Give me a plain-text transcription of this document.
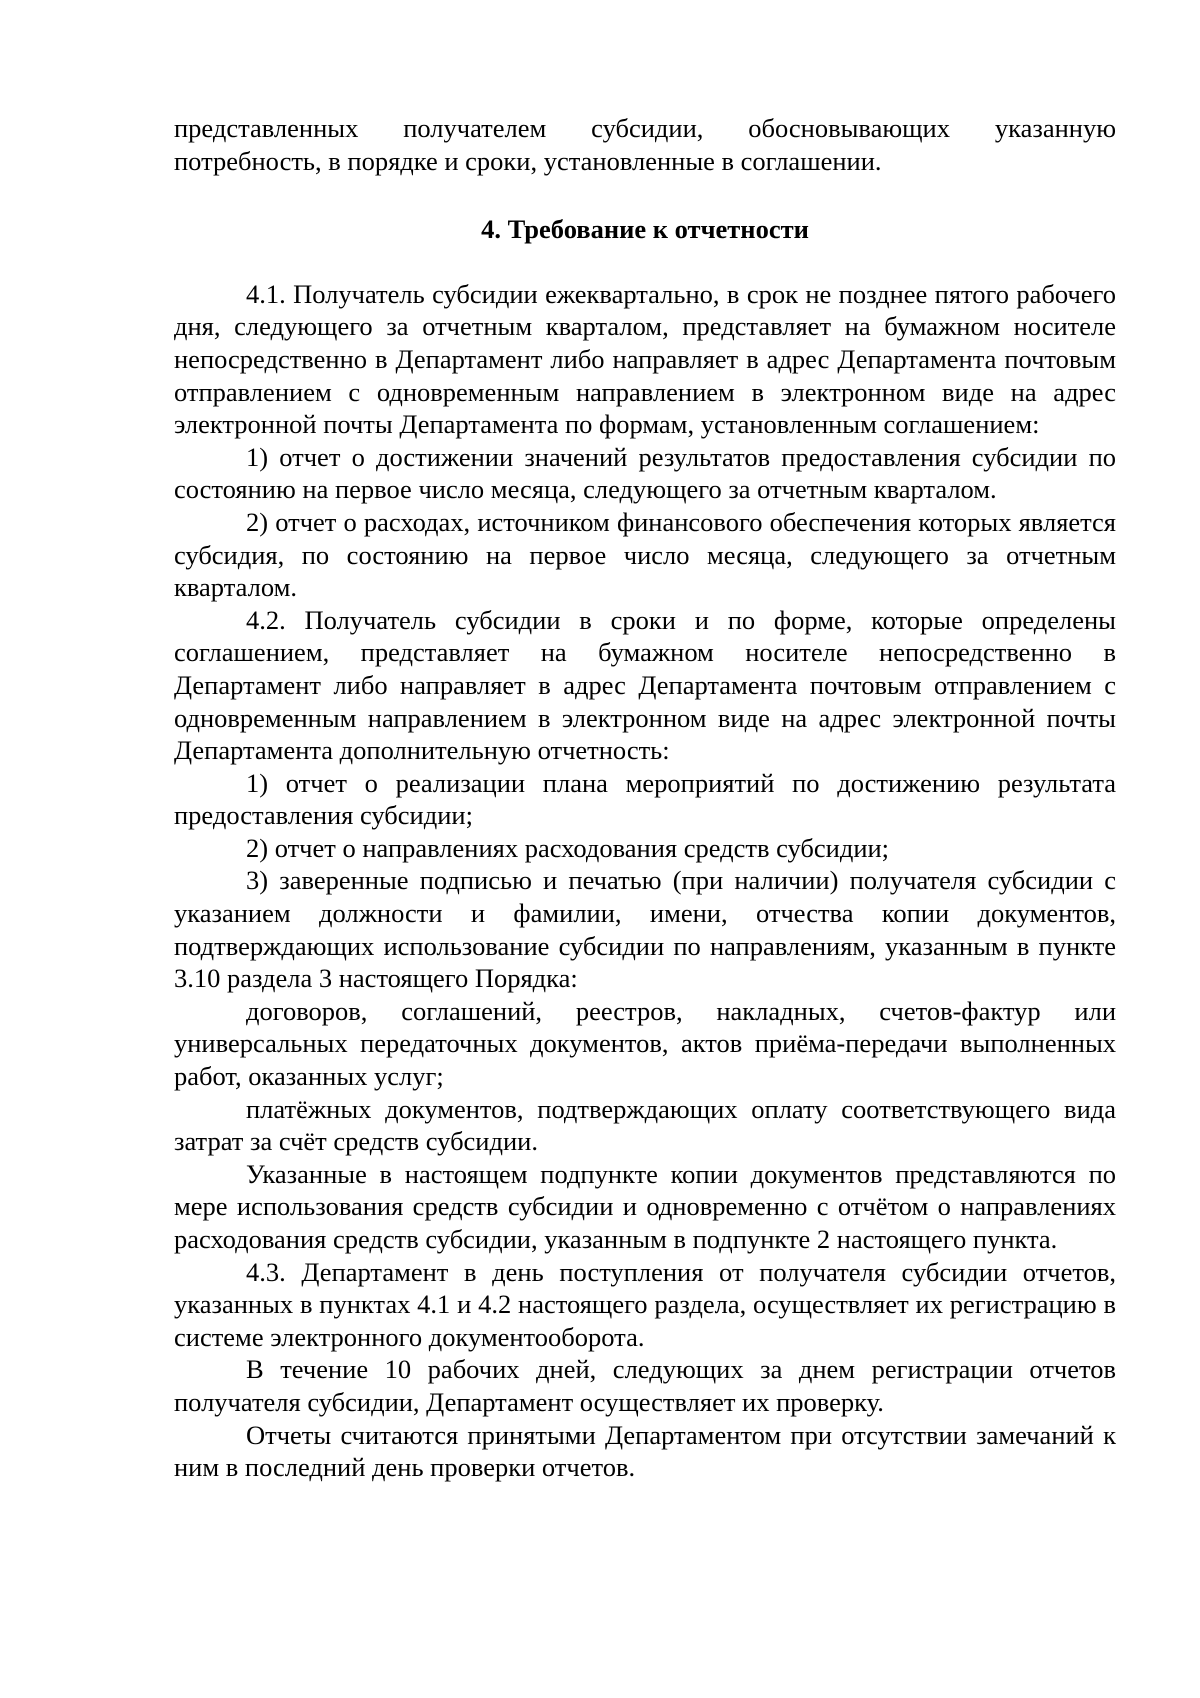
представленных получателем субсидии, обосновывающих указанную потребность, в порядке и сроки, установленные в соглашении.

4. Требование к отчетности

4.1. Получатель субсидии ежеквартально, в срок не позднее пятого рабочего дня, следующего за отчетным кварталом, представляет на бумажном носителе непосредственно в Департамент либо направляет в адрес Департамента почтовым отправлением с одновременным направлением в электронном виде на адрес электронной почты Департамента по формам, установленным соглашением:

1) отчет о достижении значений результатов предоставления субсидии по состоянию на первое число месяца, следующего за отчетным кварталом.

2) отчет о расходах, источником финансового обеспечения которых является субсидия, по состоянию на первое число месяца, следующего за отчетным кварталом.

4.2. Получатель субсидии в сроки и по форме, которые определены соглашением, представляет на бумажном носителе непосредственно в Департамент либо направляет в адрес Департамента почтовым отправлением с одновременным направлением в электронном виде на адрес электронной почты Департамента дополнительную отчетность:

1) отчет о реализации плана мероприятий по достижению результата предоставления субсидии;

2) отчет о направлениях расходования средств субсидии;

3) заверенные подписью и печатью (при наличии) получателя субсидии с указанием должности и фамилии, имени, отчества копии документов, подтверждающих использование субсидии по направлениям, указанным в пункте 3.10 раздела 3 настоящего Порядка:

договоров, соглашений, реестров, накладных, счетов-фактур или универсальных передаточных документов, актов приёма-передачи выполненных работ, оказанных услуг;

платёжных документов, подтверждающих оплату соответствующего вида затрат за счёт средств субсидии.

Указанные в настоящем подпункте копии документов представляются по мере использования средств субсидии и одновременно с отчётом о направлениях расходования средств субсидии, указанным в подпункте 2 настоящего пункта.

4.3. Департамент в день поступления от получателя субсидии отчетов, указанных в пунктах 4.1 и 4.2 настоящего раздела, осуществляет их регистрацию в системе электронного документооборота.

В течение 10 рабочих дней, следующих за днем регистрации отчетов получателя субсидии, Департамент осуществляет их проверку.

Отчеты считаются принятыми Департаментом при отсутствии замечаний к ним в последний день проверки отчетов.
